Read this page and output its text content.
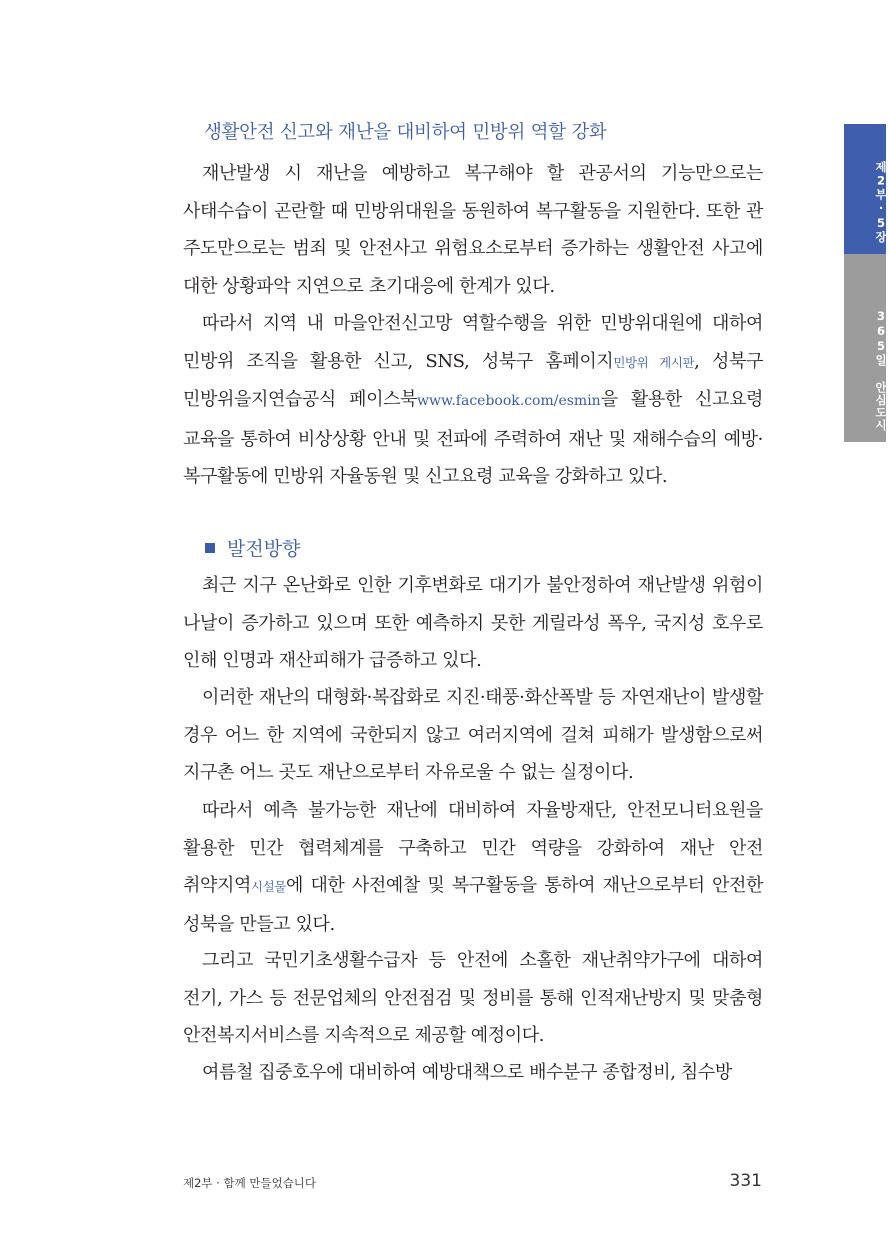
제2부·5장
365일 안심도시
생활안전 신고와 재난을 대비하여 민방위 역할 강화

재난발생 시 재난을 예방하고 복구해야 할 관공서의 기능만으로는 사태수습이 곤란할 때 민방위대원을 동원하여 복구활동을 지원한다. 또한 관 주도만으로는 범죄 및 안전사고 위험요소로부터 증가하는 생활안전 사고에 대한 상황파악 지연으로 초기대응에 한계가 있다.

따라서 지역 내 마을안전신고망 역할수행을 위한 민방위대원에 대하여 민방위 조직을 활용한 신고, SNS, 성북구 홈페이지민방위 게시판, 성북구 민방위을지연습공식 페이스북www.facebook.com/esmin을 활용한 신고요령 교육을 통하여 비상상황 안내 및 전파에 주력하여 재난 및 재해수습의 예방·복구활동에 민방위 자율동원 및 신고요령 교육을 강화하고 있다.

발전방향

최근 지구 온난화로 인한 기후변화로 대기가 불안정하여 재난발생 위험이 나날이 증가하고 있으며 또한 예측하지 못한 게릴라성 폭우, 국지성 호우로 인해 인명과 재산피해가 급증하고 있다.

이러한 재난의 대형화·복잡화로 지진·태풍·화산폭발 등 자연재난이 발생할 경우 어느 한 지역에 국한되지 않고 여러지역에 걸쳐 피해가 발생함으로써 지구촌 어느 곳도 재난으로부터 자유로울 수 없는 실정이다.

따라서 예측 불가능한 재난에 대비하여 자율방재단, 안전모니터요원을 활용한 민간 협력체계를 구축하고 민간 역량을 강화하여 재난 안전 취약지역시설물에 대한 사전예찰 및 복구활동을 통하여 재난으로부터 안전한 성북을 만들고 있다.

그리고 국민기초생활수급자 등 안전에 소홀한 재난취약가구에 대하여 전기, 가스 등 전문업체의 안전점검 및 정비를 통해 인적재난방지 및 맞춤형 안전복지서비스를 지속적으로 제공할 예정이다.

여름철 집중호우에 대비하여 예방대책으로 배수분구 종합정비, 침수방

제2부 · 함께 만들었습니다	331
